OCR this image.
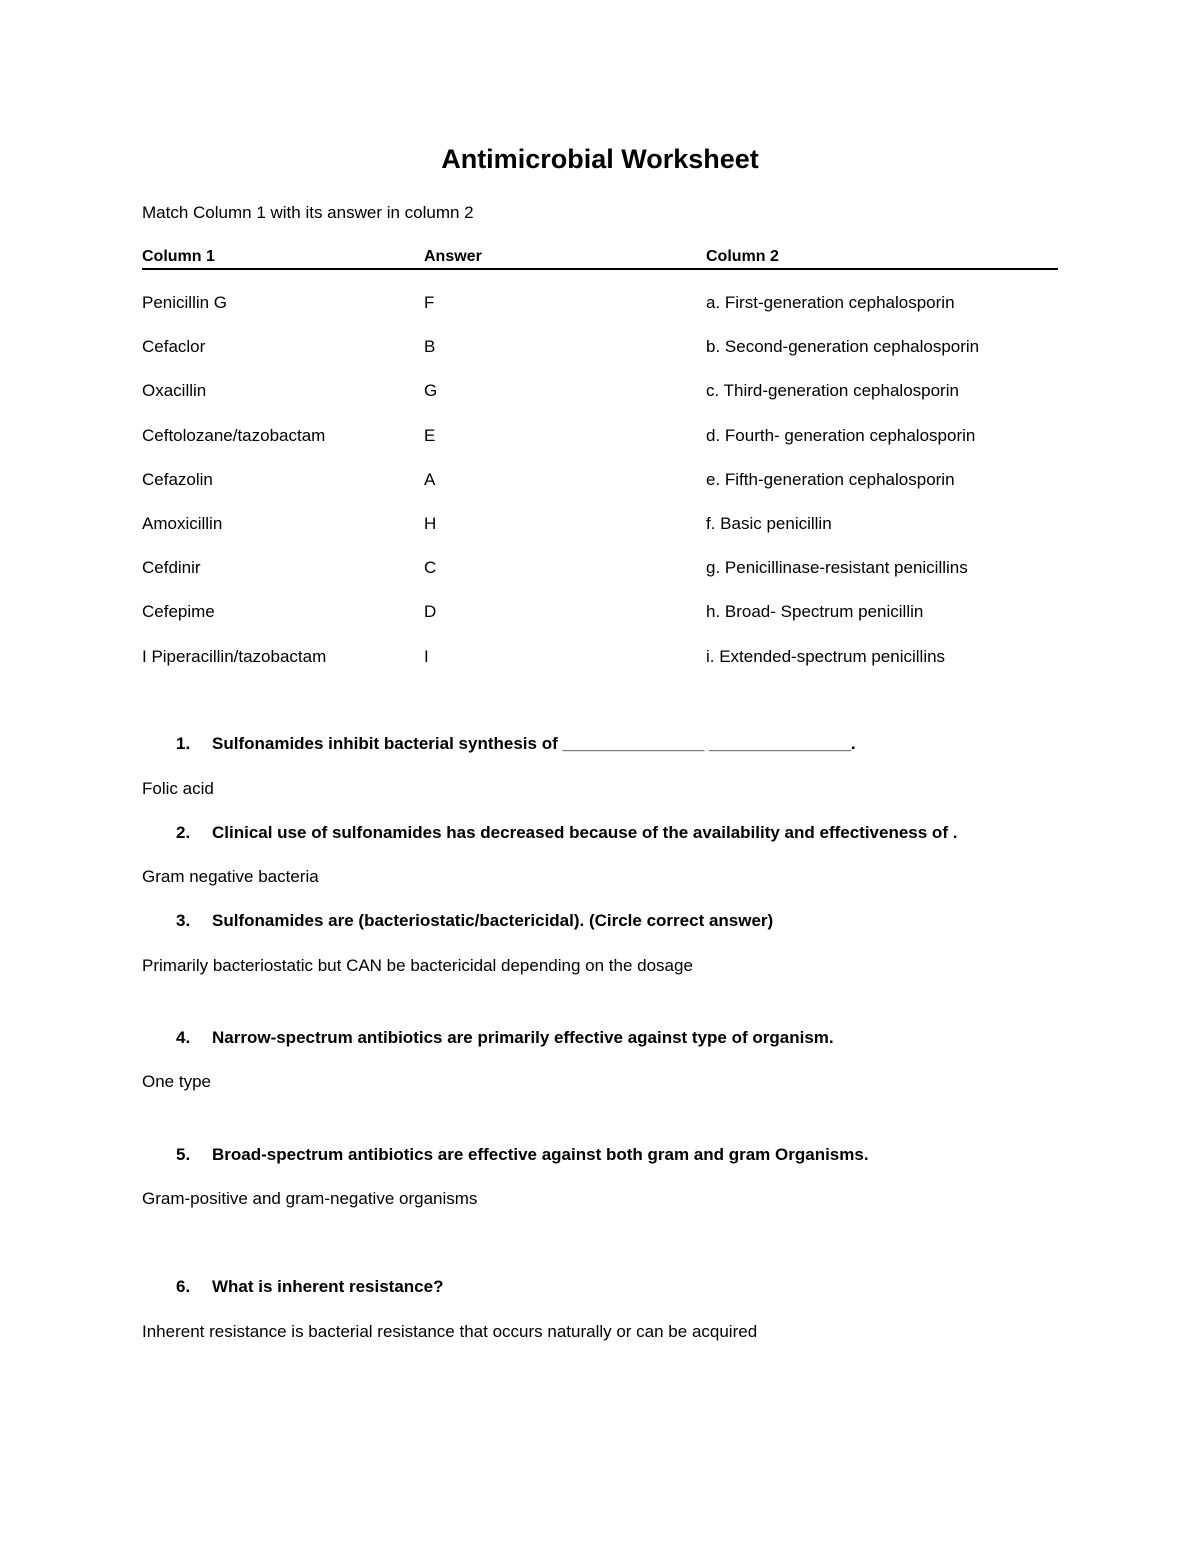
Antimicrobial Worksheet
Match Column 1 with its answer in column 2
Column 1	Answer	Column 2
Penicillin G	F	a. First-generation cephalosporin
Cefaclor	B	b. Second-generation cephalosporin
Oxacillin	G	c. Third-generation cephalosporin
Ceftolozane/tazobactam	E	d. Fourth- generation cephalosporin
Cefazolin	A	e. Fifth-generation cephalosporin
Amoxicillin	H	f. Basic penicillin
Cefdinir	C	g. Penicillinase-resistant penicillins
Cefepime	D	h. Broad- Spectrum penicillin
I Piperacillin/tazobactam	I	i. Extended-spectrum penicillins
1. Sulfonamides inhibit bacterial synthesis of _______________ _______________.
Folic acid
2. Clinical use of sulfonamides has decreased because of the availability and effectiveness of .
Gram negative bacteria
3. Sulfonamides are (bacteriostatic/bactericidal). (Circle correct answer)
Primarily bacteriostatic but CAN be bactericidal depending on the dosage
4. Narrow-spectrum antibiotics are primarily effective against type of organism.
One type
5. Broad-spectrum antibiotics are effective against both gram and gram Organisms.
Gram-positive and gram-negative organisms
6. What is inherent resistance?
Inherent resistance is bacterial resistance that occurs naturally or can be acquired
